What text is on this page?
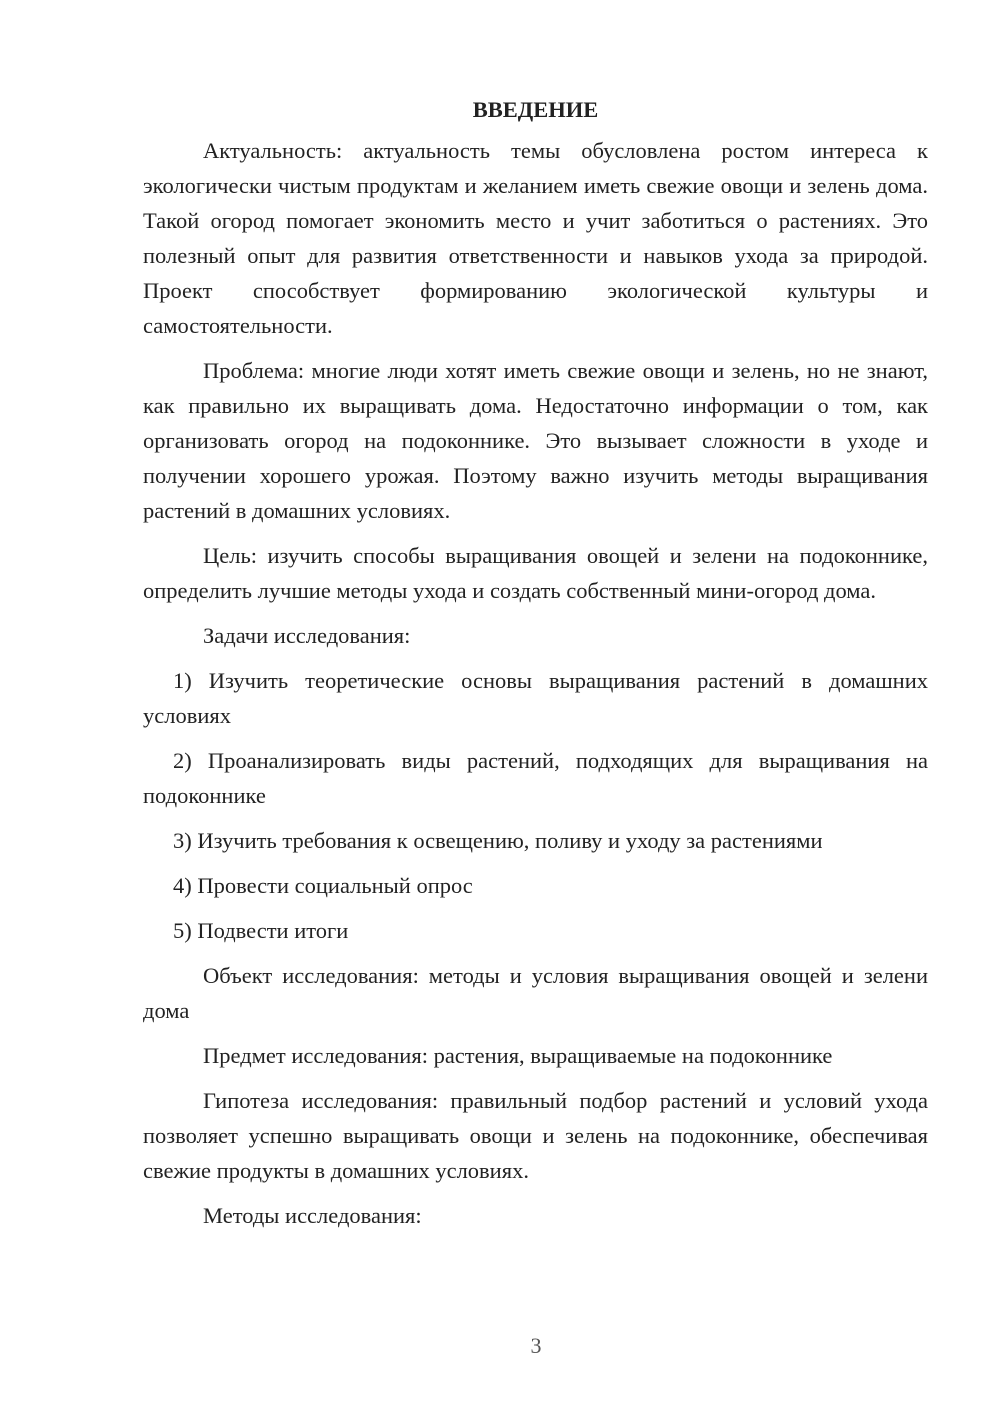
ВВЕДЕНИЕ

Актуальность: актуальность темы обусловлена ростом интереса к экологически чистым продуктам и желанием иметь свежие овощи и зелень дома. Такой огород помогает экономить место и учит заботиться о растениях. Это полезный опыт для развития ответственности и навыков ухода за природой. Проект способствует формированию экологической культуры и самостоятельности.

Проблема: многие люди хотят иметь свежие овощи и зелень, но не знают, как правильно их выращивать дома. Недостаточно информации о том, как организовать огород на подоконнике. Это вызывает сложности в уходе и получении хорошего урожая. Поэтому важно изучить методы выращивания растений в домашних условиях.

Цель: изучить способы выращивания овощей и зелени на подоконнике, определить лучшие методы ухода и создать собственный мини-огород дома.

Задачи исследования:

1) Изучить теоретические основы выращивания растений в домашних условиях

2) Проанализировать виды растений, подходящих для выращивания на подоконнике

3) Изучить требования к освещению, поливу и уходу за растениями

4) Провести социальный опрос

5) Подвести итоги

Объект исследования: методы и условия выращивания овощей и зелени дома

Предмет исследования: растения, выращиваемые на подоконнике

Гипотеза исследования: правильный подбор растений и условий ухода позволяет успешно выращивать овощи и зелень на подоконнике, обеспечивая свежие продукты в домашних условиях.

Методы исследования:

3
